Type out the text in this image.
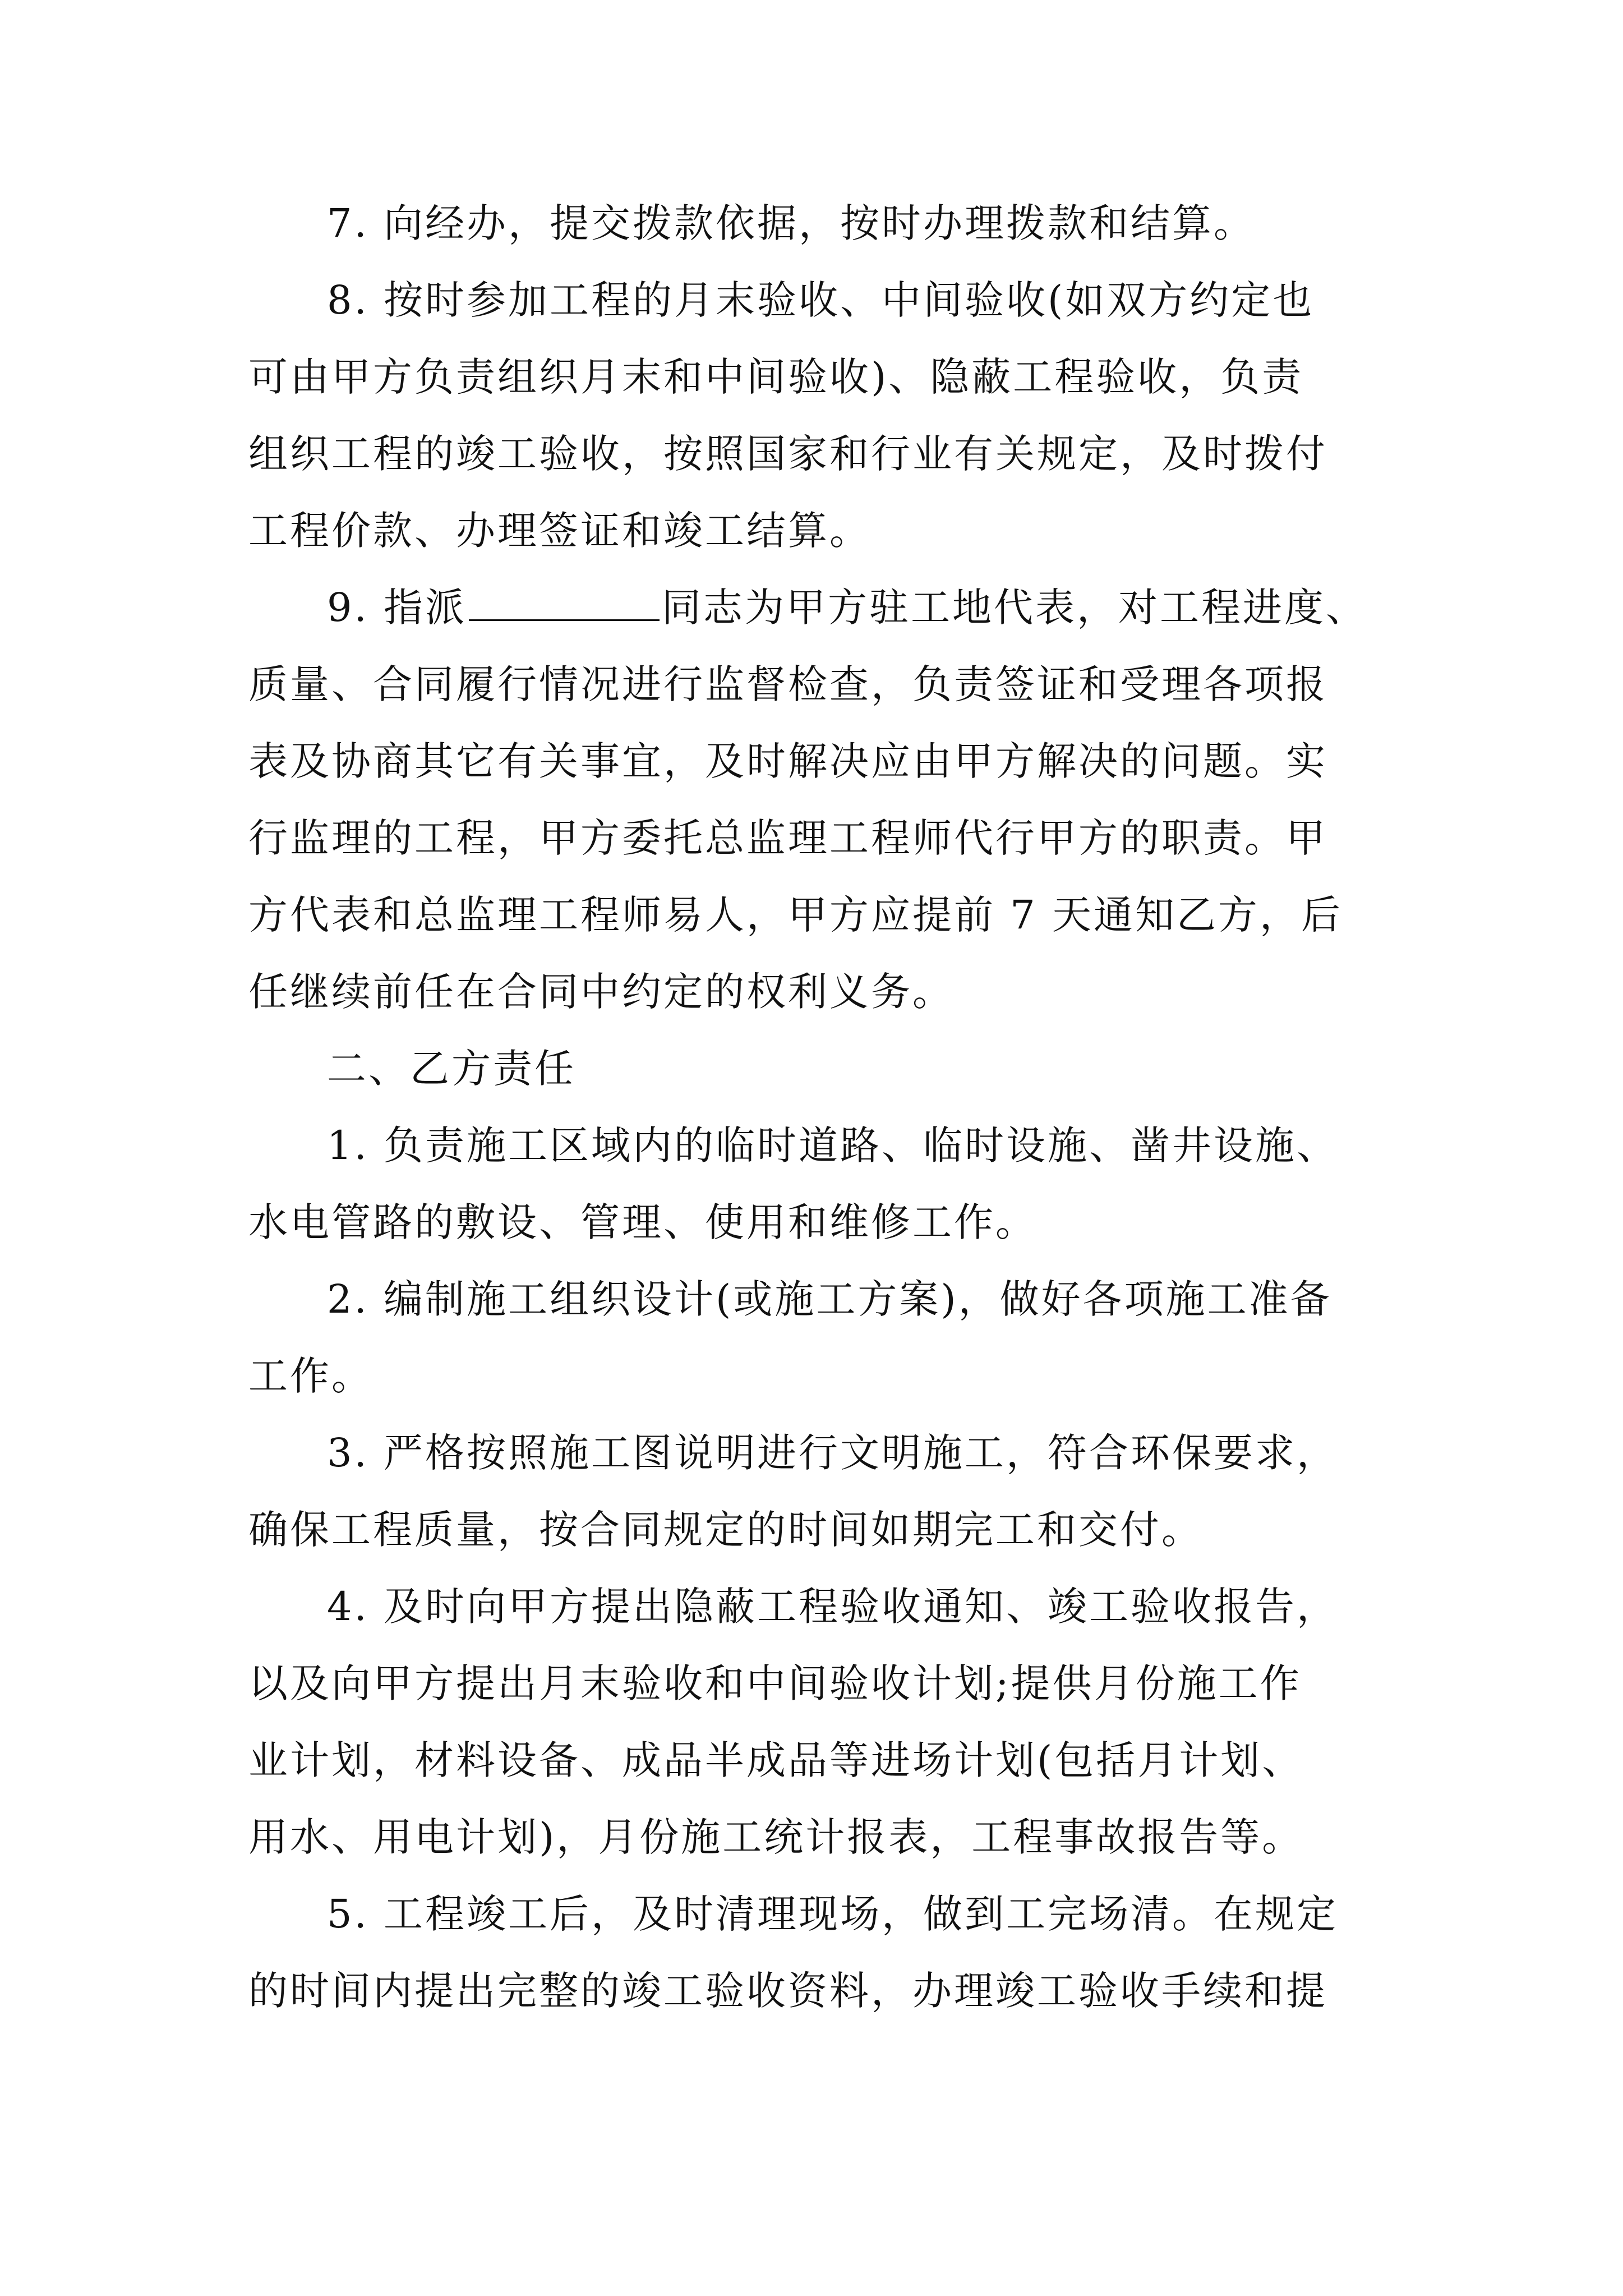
7. 向经办，提交拨款依据，按时办理拨款和结算。
8. 按时参加工程的月末验收、中间验收(如双方约定也
可由甲方负责组织月末和中间验收)、隐蔽工程验收，负责
组织工程的竣工验收，按照国家和行业有关规定，及时拨付
工程价款、办理签证和竣工结算。
9. 指派	同志为甲方驻工地代表，对工程进度、
质量、合同履行情况进行监督检查，负责签证和受理各项报
表及协商其它有关事宜，及时解决应由甲方解决的问题。实
行监理的工程，甲方委托总监理工程师代行甲方的职责。甲
方代表和总监理工程师易人，甲方应提前 7 天通知乙方，后
任继续前任在合同中约定的权利义务。
二、乙方责任
1. 负责施工区域内的临时道路、临时设施、凿井设施、
水电管路的敷设、管理、使用和维修工作。
2. 编制施工组织设计(或施工方案)，做好各项施工准备
工作。
3. 严格按照施工图说明进行文明施工，符合环保要求，
确保工程质量，按合同规定的时间如期完工和交付。
4. 及时向甲方提出隐蔽工程验收通知、竣工验收报告，
以及向甲方提出月末验收和中间验收计划;提供月份施工作
业计划，材料设备、成品半成品等进场计划(包括月计划、
用水、用电计划)，月份施工统计报表，工程事故报告等。
5. 工程竣工后，及时清理现场，做到工完场清。在规定
的时间内提出完整的竣工验收资料，办理竣工验收手续和提
